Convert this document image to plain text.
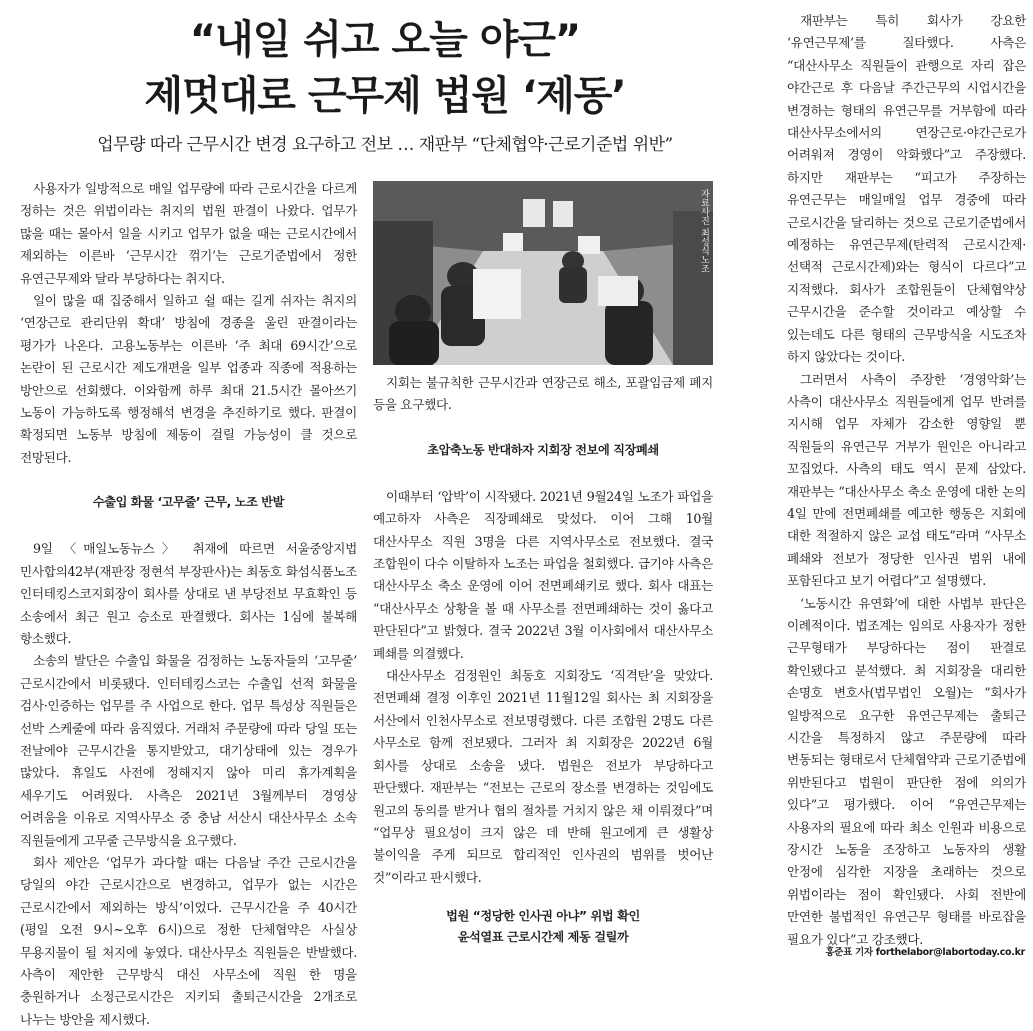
“내일 쉬고 오늘 야근”
제멋대로 근무제 법원 ‘제동’

업무량 따라 근무시간 변경 요구하고 전보 … 재판부 “단체협약·근로기준법 위반”

사용자가 일방적으로 매일 업무량에 따라 근로시간을 다르게 정하는 것은 위법이라는 취지의 법원 판결이 나왔다. 업무가 많을 때는 몰아서 일을 시키고 업무가 없을 때는 근로시간에서 제외하는 이른바 ‘근무시간 꺾기’는 근로기준법에서 정한 유연근무제와 달라 부당하다는 취지다.

일이 많을 때 집중해서 일하고 쉴 때는 길게 쉬자는 취지의 ‘연장근로 관리단위 확대’ 방침에 경종을 울린 판결이라는 평가가 나온다. 고용노동부는 이른바 ‘주 최대 69시간’으로 논란이 된 근로시간 제도개편을 일부 업종과 직종에 적용하는 방안으로 선회했다. 이와함께 하루 최대 21.5시간 몰아쓰기 노동이 가능하도록 행정해석 변경을 추진하기로 했다. 판결이 확정되면 노동부 방침에 제동이 걸릴 가능성이 클 것으로 전망된다.

수출입 화물 ‘고무줄’ 근무, 노조 반발

9일 〈매일노동뉴스〉 취재에 따르면 서울중앙지법 민사합의42부(재판장 정현석 부장판사)는 최동호 화섬식품노조 인터테킹스코지회장이 회사를 상대로 낸 부당전보 무효확인 등 소송에서 최근 원고 승소로 판결했다. 회사는 1심에 불복해 항소했다.

소송의 발단은 수출입 화물을 검정하는 노동자들의 ‘고무줄’ 근로시간에서 비롯됐다. 인터테킹스코는 수출입 선적 화물을 검사·인증하는 업무를 주 사업으로 한다. 업무 특성상 직원들은 선박 스케줄에 따라 움직였다. 거래처 주문량에 따라 당일 또는 전날에야 근무시간을 통지받았고, 대기상태에 있는 경우가 많았다. 휴일도 사전에 정해지지 않아 미리 휴가계획을 세우기도 어려웠다. 사측은 2021년 3월께부터 경영상 어려움을 이유로 지역사무소 중 충남 서산시 대산사무소 소속 직원들에게 고무줄 근무방식을 요구했다.

회사 제안은 ‘업무가 과다할 때는 다음날 주간 근로시간을 당일의 야간 근로시간으로 변경하고, 업무가 없는 시간은 근로시간에서 제외하는 방식’이었다. 근무시간을 주 40시간(평일 오전 9시~오후 6시)으로 정한 단체협약은 사실상 무용지물이 될 처지에 놓였다. 대산사무소 직원들은 반발했다. 사측이 제안한 근무방식 대신 사무소에 직원 한 명을 충원하거나 소정근로시간은 지키되 출퇴근시간을 2개조로 나누는 방안을 제시했다.

자료사진 최성식노조

지회는 불규칙한 근무시간과 연장근로 해소, 포괄임금제 폐지 등을 요구했다.

초압축노동 반대하자 지회장 전보에 직장폐쇄

이때부터 ‘압박’이 시작됐다. 2021년 9월24일 노조가 파업을 예고하자 사측은 직장폐쇄로 맞섰다. 이어 그해 10월 대산사무소 직원 3명을 다른 지역사무소로 전보했다. 결국 조합원이 다수 이탈하자 노조는 파업을 철회했다. 급기야 사측은 대산사무소 축소 운영에 이어 전면폐쇄키로 했다. 회사 대표는 “대산사무소 상황을 볼 때 사무소를 전면폐쇄하는 것이 옳다고 판단된다”고 밝혔다. 결국 2022년 3월 이사회에서 대산사무소 폐쇄를 의결했다.

대산사무소 검정원인 최동호 지회장도 ‘직격탄’을 맞았다. 전면폐쇄 결정 이후인 2021년 11월12일 회사는 최 지회장을 서산에서 인천사무소로 전보명령했다. 다른 조합원 2명도 다른 사무소로 함께 전보됐다. 그러자 최 지회장은 2022년 6월 회사를 상대로 소송을 냈다. 법원은 전보가 부당하다고 판단했다. 재판부는 “전보는 근로의 장소를 변경하는 것임에도 원고의 동의를 받거나 협의 절차를 거치지 않은 채 이뤄졌다”며 “업무상 필요성이 크지 않은 데 반해 원고에게 큰 생활상 불이익을 주게 되므로 합리적인 인사권의 범위를 벗어난 것”이라고 판시했다.

법원 “정당한 인사권 아냐” 위법 확인

윤석열표 근로시간제 제동 걸릴까

재판부는 특히 회사가 강요한 ‘유연근무제’를 질타했다. 사측은 “대산사무소 직원들이 관행으로 자리 잡은 야간근로 후 다음날 주간근무의 시업시간을 변경하는 형태의 유연근무를 거부함에 따라 대산사무소에서의 연장근로·야간근로가 어려워져 경영이 악화했다”고 주장했다. 하지만 재판부는 “피고가 주장하는 유연근무는 매일매일 업무 경중에 따라 근로시간을 달리하는 것으로 근로기준법에서 예정하는 유연근무제(탄력적 근로시간제·선택적 근로시간제)와는 형식이 다르다”고 지적했다. 회사가 조합원들이 단체협약상 근무시간을 준수할 것이라고 예상할 수 있는데도 다른 형태의 근무방식을 시도조차 하지 않았다는 것이다.

그러면서 사측이 주장한 ‘경영악화’는 사측이 대산사무소 직원들에게 업무 반려를 지시해 업무 자체가 감소한 영향일 뿐 직원들의 유연근무 거부가 원인은 아니라고 꼬집었다. 사측의 태도 역시 문제 삼았다. 재판부는 “대산사무소 축소 운영에 대한 논의 4일 만에 전면폐쇄를 예고한 행동은 지회에 대한 적절하지 않은 교섭 태도”라며 “사무소 폐쇄와 전보가 정당한 인사권 범위 내에 포함된다고 보기 어렵다”고 설명했다.

‘노동시간 유연화’에 대한 사법부 판단은 이례적이다. 법조계는 임의로 사용자가 정한 근무형태가 부당하다는 점이 판결로 확인됐다고 분석했다. 최 지회장을 대리한 손명호 변호사(법무법인 오월)는 “회사가 일방적으로 요구한 유연근무제는 출퇴근 시간을 특정하지 않고 주문량에 따라 변동되는 형태로서 단체협약과 근로기준법에 위반된다고 법원이 판단한 점에 의의가 있다”고 평가했다. 이어 “유연근무제는 사용자의 필요에 따라 최소 인원과 비용으로 장시간 노동을 조장하고 노동자의 생활 안정에 심각한 지장을 초래하는 것으로 위법이라는 점이 확인됐다. 사회 전반에 만연한 불법적인 유연근무 형태를 바로잡을 필요가 있다”고 강조했다.

홍준표 기자 forthelabor@labortoday.co.kr
